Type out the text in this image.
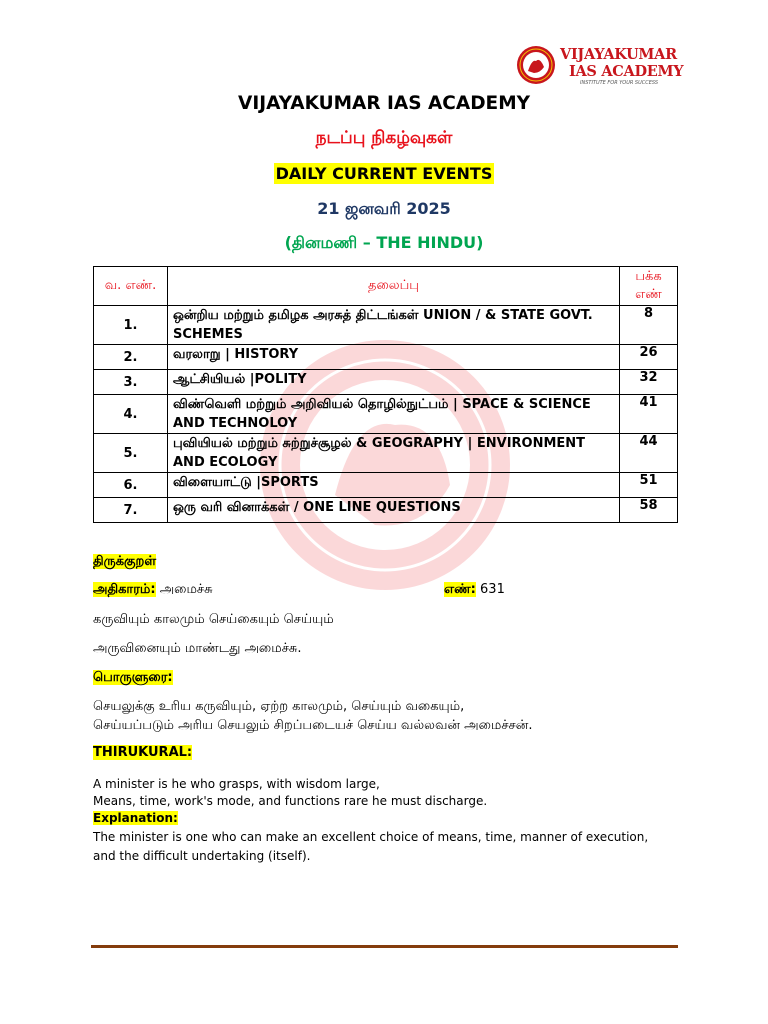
VIJAYAKUMAR
IAS ACADEMY
INSTITUTE FOR YOUR SUCCESS
VIJAYAKUMAR IAS ACADEMY
நடப்பு நிகழ்வுகள்
DAILY CURRENT EVENTS
21 ஜனவரி 2025
(தினமணி – THE HINDU)
வ. எண்.	தலைப்பு	பக்க எண்
1.	ஒன்றிய மற்றும் தமிழக அரசுத் திட்டங்கள் UNION / & STATE GOVT. SCHEMES	8
2.	வரலாறு | HISTORY	26
3.	ஆட்சியியல் |POLITY	32
4.	விண்வெளி மற்றும் அறிவியல் தொழில்நுட்பம் | SPACE & SCIENCE AND TECHNOLOY	41
5.	புவியியல் மற்றும் சுற்றுச்சூழல் & GEOGRAPHY | ENVIRONMENT AND ECOLOGY	44
6.	விளையாட்டு |SPORTS	51
7.	ஒரு வரி வினாக்கள் / ONE LINE QUESTIONS	58
திருக்குறள்
அதிகாரம்: அமைச்சு	எண்: 631
கருவியும் காலமும் செய்கையும் செய்யும்
அருவினையும் மாண்டது அமைச்சு.
பொருளுரை:
செயலுக்கு உரிய கருவியும், ஏற்ற காலமும், செய்யும் வகையும்,
செய்யப்படும் அரிய செயலும் சிறப்படையச் செய்ய வல்லவன் அமைச்சன்.
THIRUKURAL:
A minister is he who grasps, with wisdom large,
Means, time, work's mode, and functions rare he must discharge.
Explanation:
The minister is one who can make an excellent choice of means, time, manner of execution,
and the difficult undertaking (itself).
